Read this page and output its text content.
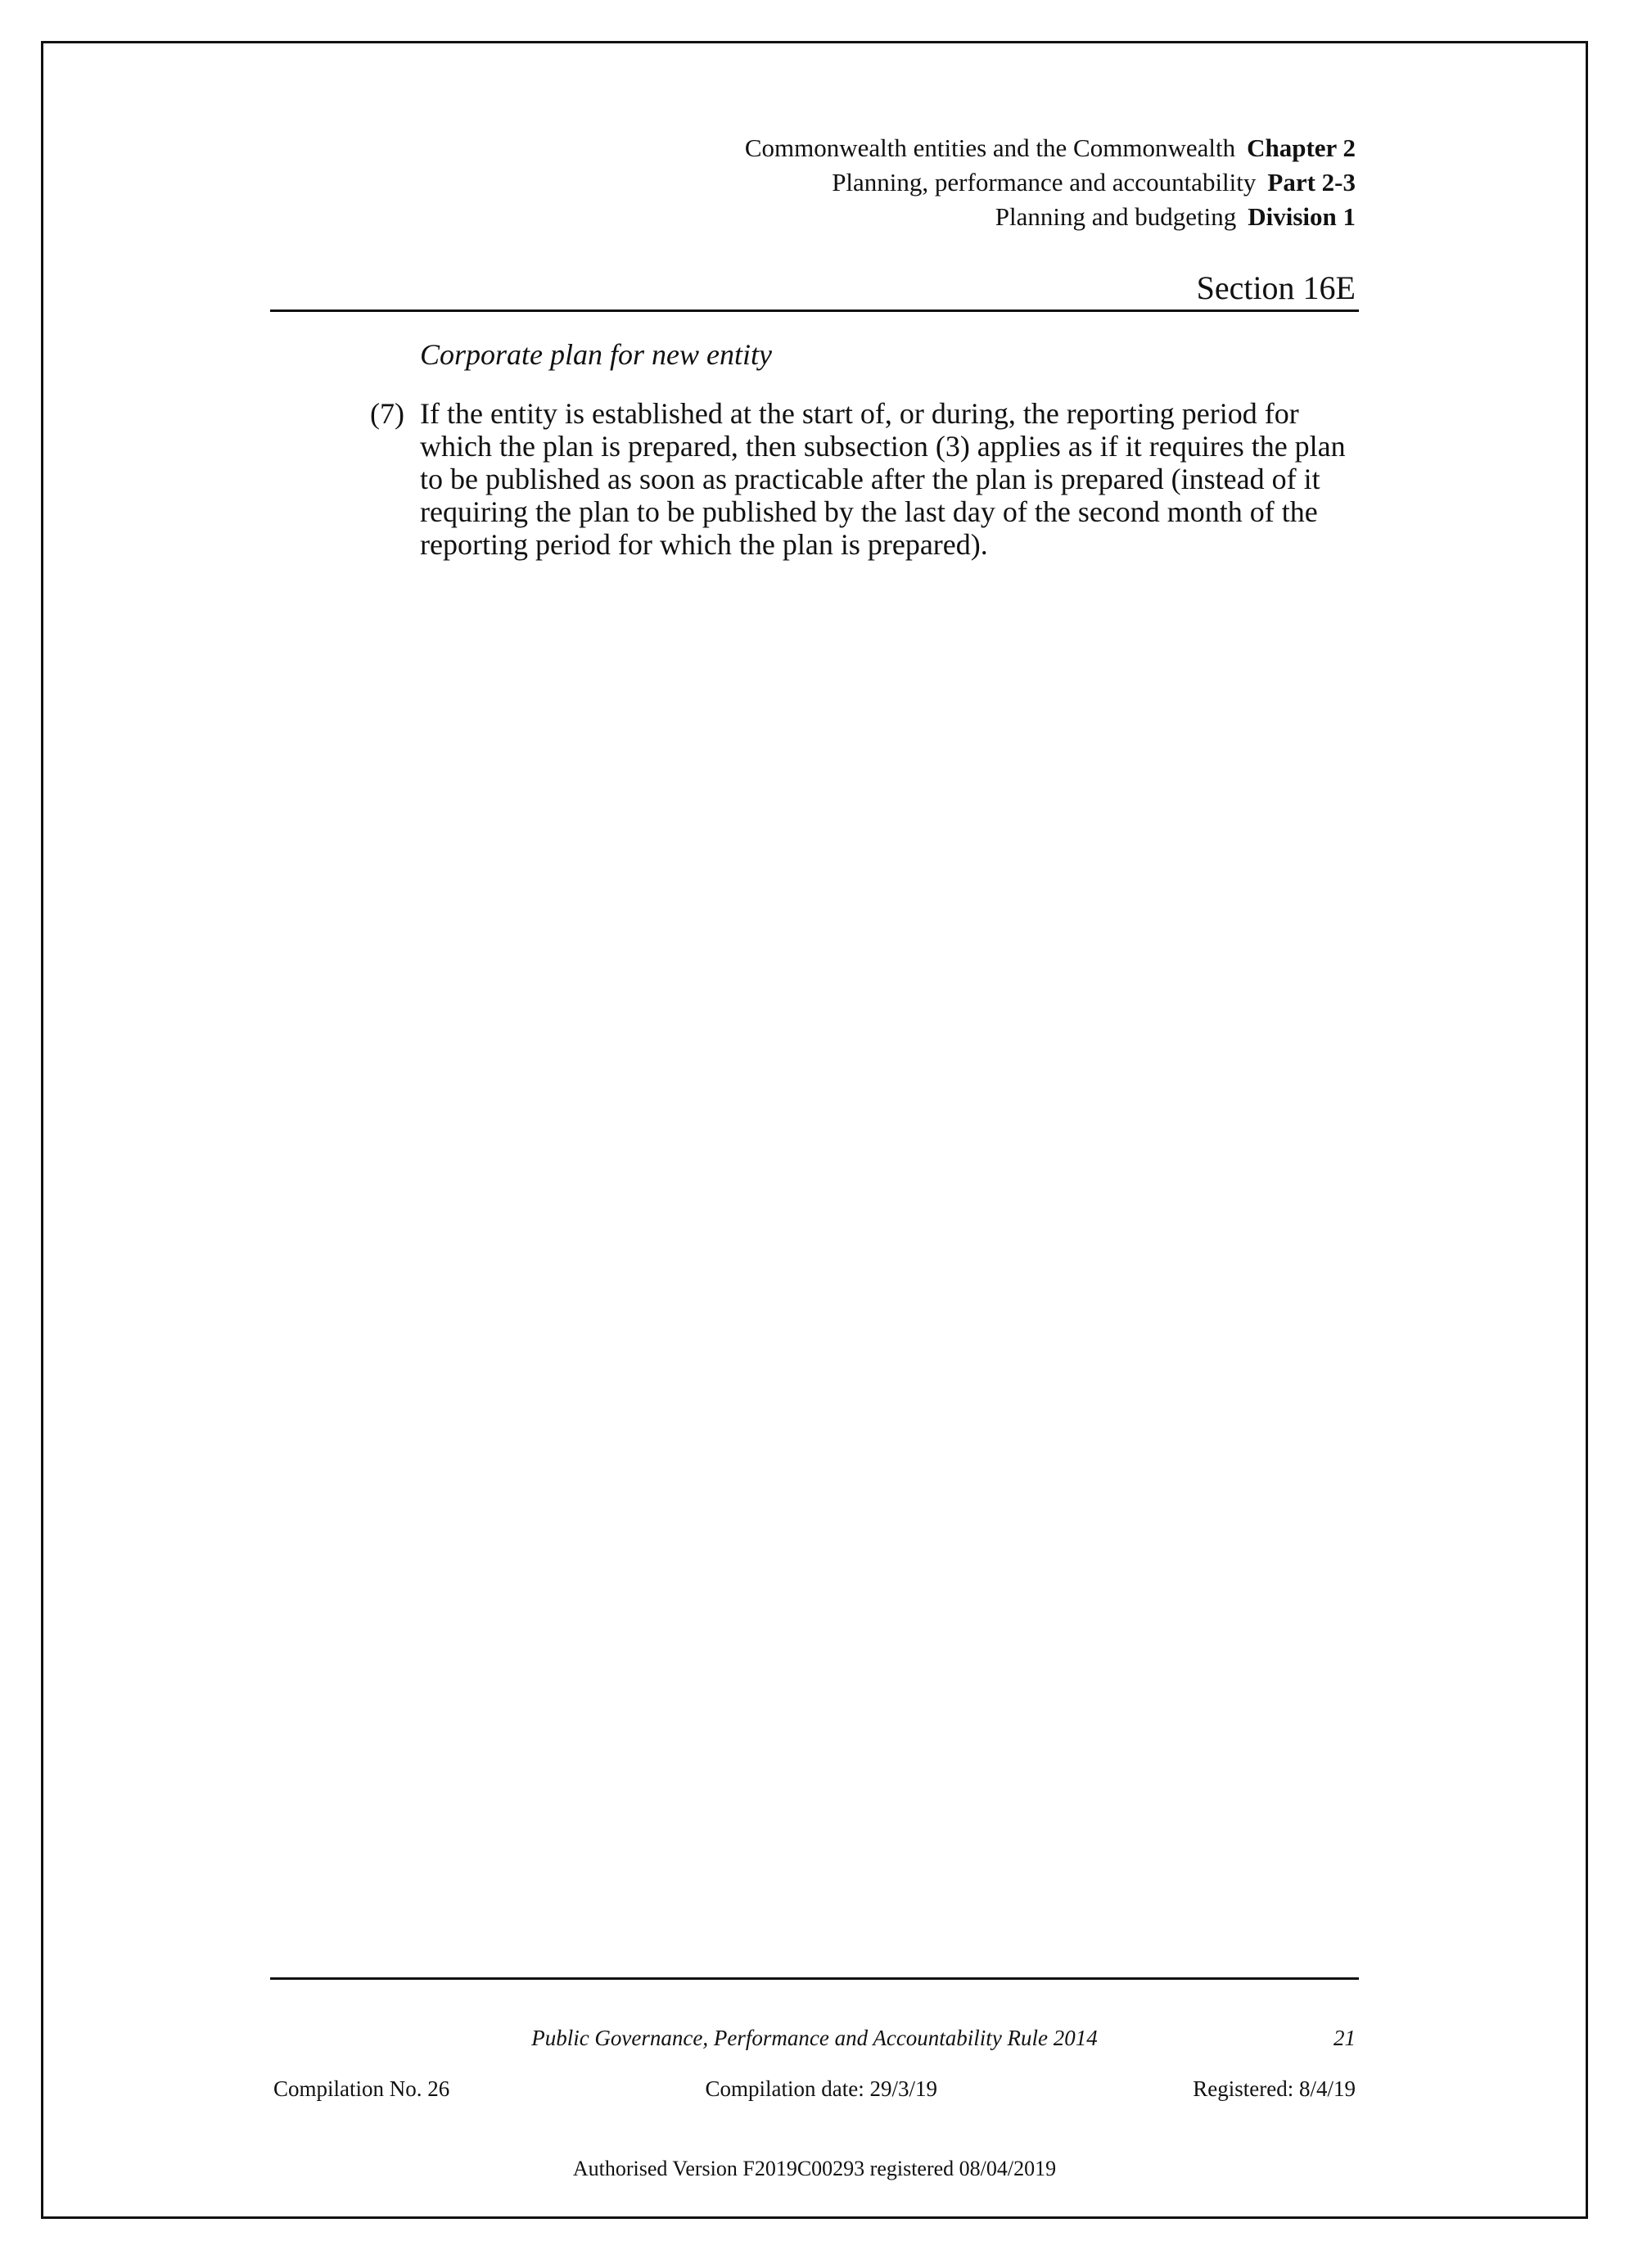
Commonwealth entities and the Commonwealth Chapter 2
Planning, performance and accountability Part 2-3
Planning and budgeting Division 1
Section 16E
Corporate plan for new entity
(7) If the entity is established at the start of, or during, the reporting period for which the plan is prepared, then subsection (3) applies as if it requires the plan to be published as soon as practicable after the plan is prepared (instead of it requiring the plan to be published by the last day of the second month of the reporting period for which the plan is prepared).
Public Governance, Performance and Accountability Rule 2014	21
Compilation No. 26	Compilation date: 29/3/19	Registered: 8/4/19
Authorised Version F2019C00293 registered 08/04/2019
